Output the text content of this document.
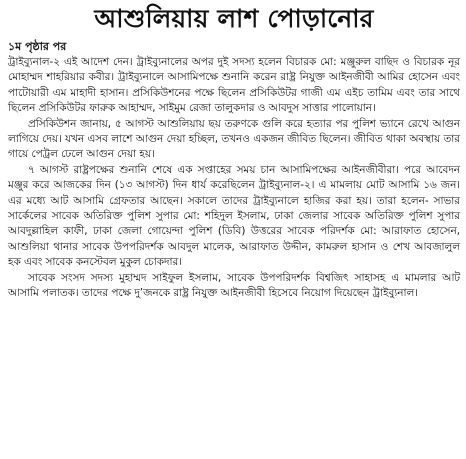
আশুলিয়ায় লাশ পোড়ানোর
১ম পৃষ্ঠার পর

ট্রাইব্যুনাল-২ এই আদেশ দেন। ট্রাইব্যুনালের অপর দুই সদস্য হলেন বিচারক মো: মঞ্জুরুল বাছিদ ও বিচারক নূর মোহাম্মদ শাহরিয়ার কবীর। ট্রাইব্যুনালে আসামিপক্ষে শুনানি করেন রাষ্ট্র নিযুক্ত আইনজীবী আমির হোসেন এবং পাটোয়ারী এম মাহাদী হাসান। প্রসিকিউশনের পক্ষে ছিলেন প্রসিকিউটর গাজী এম এইচ তামিম এবং তার সাথে ছিলেন প্রসিকিউটর ফারুক আহাম্মদ, সাইমুম রেজা তালুকদার ও আবদুস সাত্তার পালোয়ান।

প্রসিকিউশন জানায়, ৫ আগস্ট আশুলিয়ায় ছয় তরুণকে গুলি করে হত্যার পর পুলিশ ভ্যানে রেখে আগুন লাগিয়ে দেয়। যখন এসব লাশে আগুন দেয়া হচ্ছিল, তখনও একজন জীবিত ছিলেন। জীবিত থাকা অবস্থায় তার গায়ে পেট্রল ঢেলে আগুন দেয়া হয়।

৭ আগস্ট রাষ্ট্রপক্ষের শুনানি শেষে এক সপ্তাহের সময় চান আসামিপক্ষের আইনজীবীরা। পরে আবেদন মঞ্জুর করে আজকের দিন (১৩ আগস্ট) দিন ধার্য করেছিলেন ট্রাইব্যুনাল-২। এ মামলায় মোট আসামি ১৬ জন। এর মধ্যে আট আসামি গ্রেফতার আছেন। সকালে তাদের ট্রাইব্যুনালে হাজির করা হয়। তারা হলেন- সাভার সার্কেলের সাবেক অতিরিক্ত পুলিশ সুপার মো: শহিদুল ইসলাম, ঢাকা জেলার সাবেক অতিরিক্ত পুলিশ সুপার আবদুল্লাহিল কাফী, ঢাকা জেলা গোয়েন্দা পুলিশ (ডিবি) উত্তরের সাবেক পরিদর্শক মো: আরাফাত হোসেন, আশুলিয়া থানার সাবেক উপপরিদর্শক আবদুল মালেক, আরাফাত উদ্দীন, কামরুল হাসান ও শেখ আবজালুল হক এবং সাবেক কনস্টেবল মুকুল চোকদার।

সাবেক সংসদ সদস্য মুহাম্মদ সাইফুল ইসলাম, সাবেক উপপরিদর্শক বিশ্বজিৎ সাহাসহ এ মামলার আট আসামি পলাতক। তাদের পক্ষে দু’জনকে রাষ্ট্র নিযুক্ত আইনজীবী হিসেবে নিয়োগ দিয়েছেন ট্রাইব্যুনাল।
